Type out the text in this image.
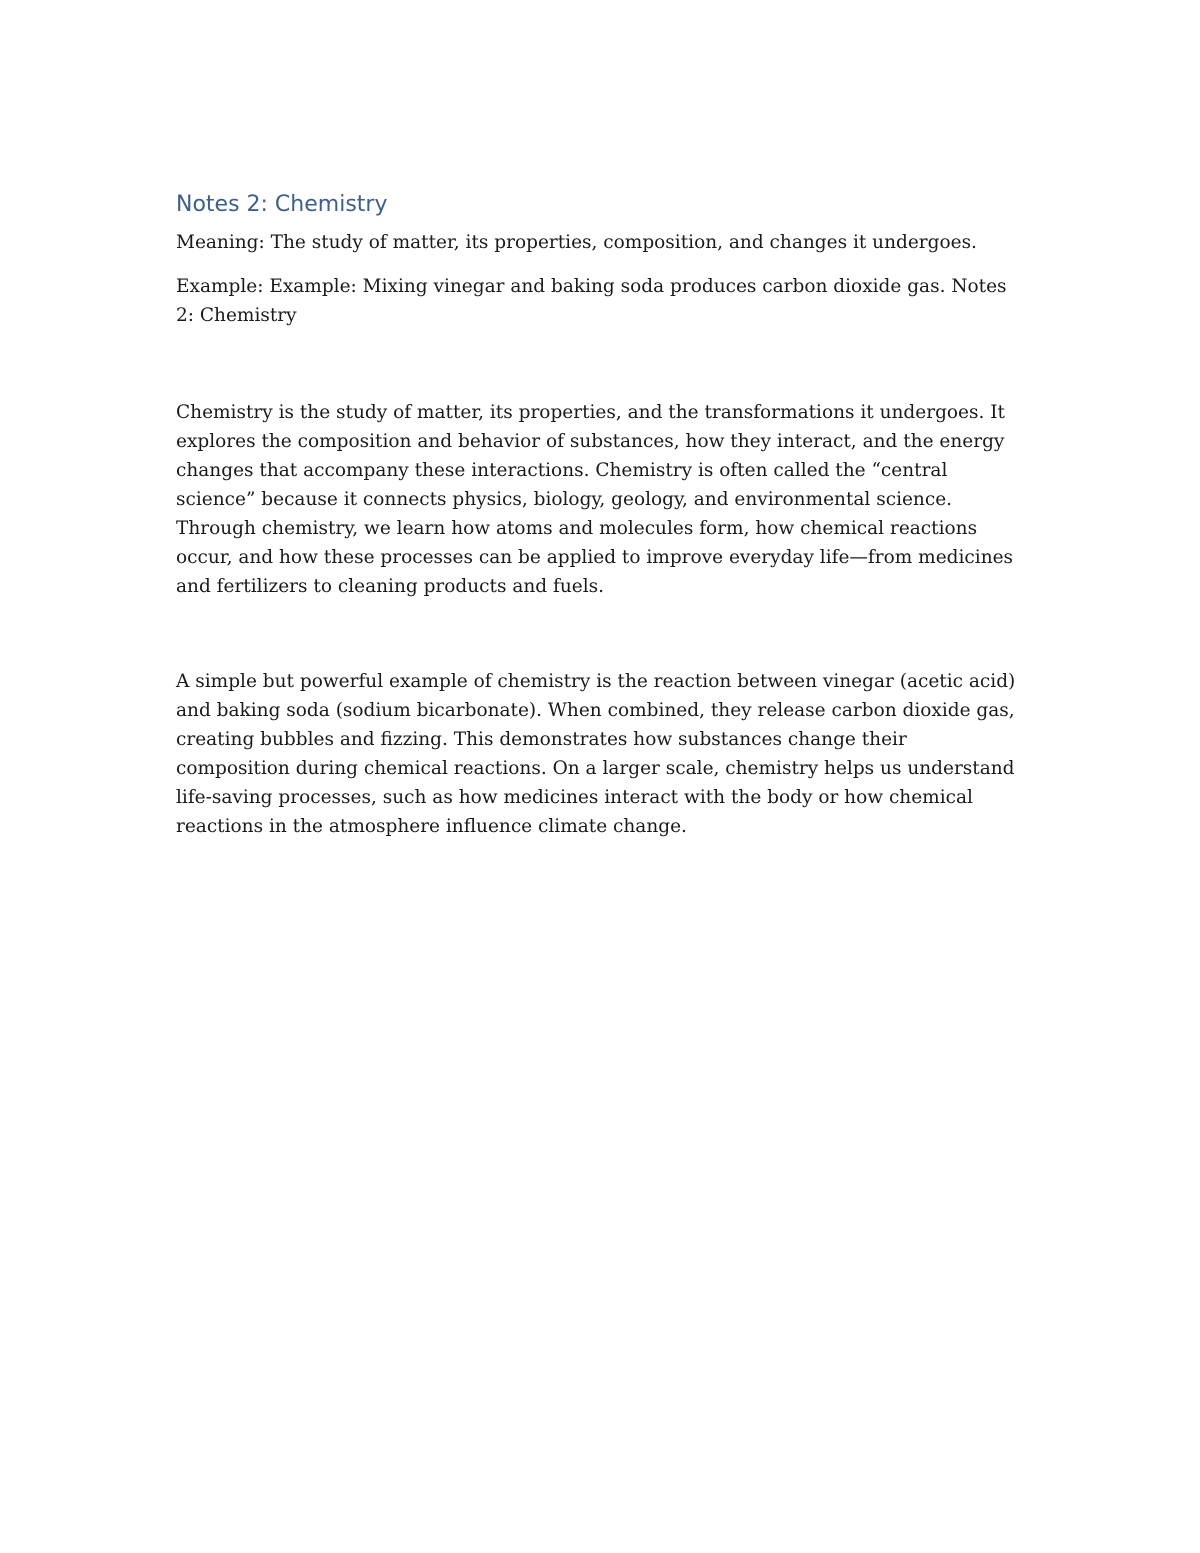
Notes 2: Chemistry

Meaning: The study of matter, its properties, composition, and changes it undergoes.

Example: Example: Mixing vinegar and baking soda produces carbon dioxide gas. Notes 2: Chemistry

Chemistry is the study of matter, its properties, and the transformations it undergoes. It explores the composition and behavior of substances, how they interact, and the energy changes that accompany these interactions. Chemistry is often called the “central science” because it connects physics, biology, geology, and environmental science. Through chemistry, we learn how atoms and molecules form, how chemical reactions occur, and how these processes can be applied to improve everyday life—from medicines and fertilizers to cleaning products and fuels.

A simple but powerful example of chemistry is the reaction between vinegar (acetic acid) and baking soda (sodium bicarbonate). When combined, they release carbon dioxide gas, creating bubbles and fizzing. This demonstrates how substances change their composition during chemical reactions. On a larger scale, chemistry helps us understand life-saving processes, such as how medicines interact with the body or how chemical reactions in the atmosphere influence climate change.
